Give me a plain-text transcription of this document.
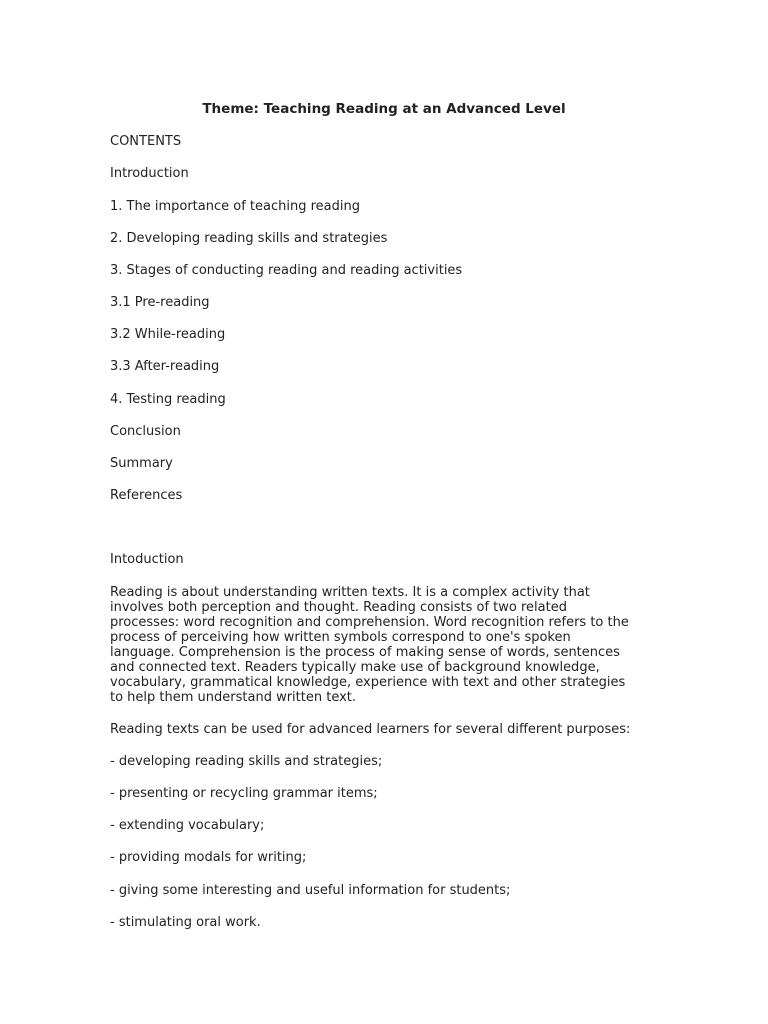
Theme: Teaching Reading at an Advanced Level
CONTENTS
Introduction
1. The importance of teaching reading
2. Developing reading skills and strategies
3. Stages of conducting reading and reading activities
3.1 Pre-reading
3.2 While-reading
3.3 After-reading
4. Testing reading
Conclusion
Summary
References
Intoduction
Reading is about understanding written texts. It is a complex activity that
involves both perception and thought. Reading consists of two related
processes: word recognition and comprehension. Word recognition refers to the
process of perceiving how written symbols correspond to one's spoken
language. Comprehension is the process of making sense of words, sentences
and connected text. Readers typically make use of background knowledge,
vocabulary, grammatical knowledge, experience with text and other strategies
to help them understand written text.
Reading texts can be used for advanced learners for several different purposes:
- developing reading skills and strategies;
- presenting or recycling grammar items;
- extending vocabulary;
- providing modals for writing;
- giving some interesting and useful information for students;
- stimulating oral work.
